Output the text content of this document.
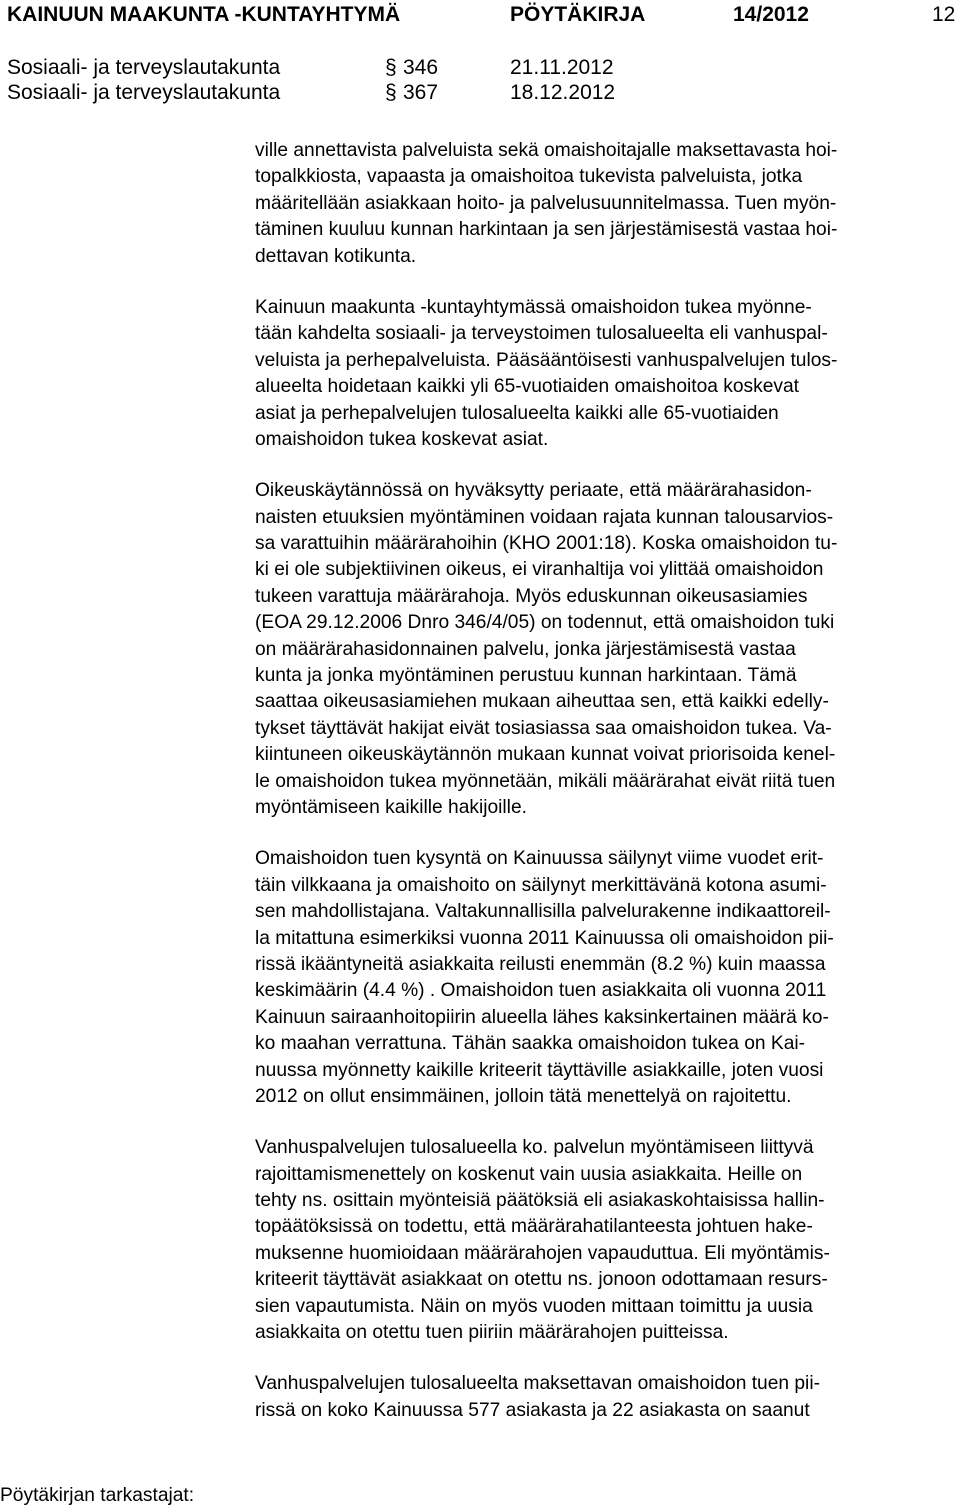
KAINUUN MAAKUNTA -KUNTAYHTYMÄ	PÖYTÄKIRJA	14/2012	12
Sosiaali- ja terveyslautakunta	§ 346	21.11.2012
Sosiaali- ja terveyslautakunta	§ 367	18.12.2012
ville annettavista palveluista sekä omaishoitajalle maksettavasta hoi-
topalkkiosta, vapaasta ja omaishoitoa tukevista palveluista, jotka
määritellään asiakkaan hoito- ja palvelusuunnitelmassa. Tuen myön-
täminen kuuluu kunnan harkintaan ja sen järjestämisestä vastaa hoi-
dettavan kotikunta.
Kainuun maakunta -kuntayhtymässä omaishoidon tukea myönne-
tään kahdelta sosiaali- ja terveystoimen tulosalueelta eli vanhuspal-
veluista ja perhepalveluista. Pääsääntöisesti vanhuspalvelujen tulos-
alueelta hoidetaan kaikki yli 65-vuotiaiden omaishoitoa koskevat
asiat ja perhepalvelujen tulosalueelta kaikki alle 65-vuotiaiden
omaishoidon tukea koskevat asiat.
Oikeuskäytännössä on hyväksytty periaate, että määrärahasidon-
naisten etuuksien myöntäminen voidaan rajata kunnan talousarvios-
sa varattuihin määrärahoihin (KHO 2001:18). Koska omaishoidon tu-
ki ei ole subjektiivinen oikeus, ei viranhaltija voi ylittää omaishoidon
tukeen varattuja määrärahoja. Myös eduskunnan oikeusasiamies
(EOA 29.12.2006 Dnro 346/4/05) on todennut, että omaishoidon tuki
on määrärahasidonnainen palvelu, jonka järjestämisestä vastaa
kunta ja jonka myöntäminen perustuu kunnan harkintaan. Tämä
saattaa oikeusasiamiehen mukaan aiheuttaa sen, että kaikki edelly-
tykset täyttävät hakijat eivät tosiasiassa saa omaishoidon tukea. Va-
kiintuneen oikeuskäytännön mukaan kunnat voivat priorisoida kenel-
le omaishoidon tukea myönnetään, mikäli määrärahat eivät riitä tuen
myöntämiseen kaikille hakijoille.
Omaishoidon tuen kysyntä on Kainuussa säilynyt viime vuodet erit-
täin vilkkaana ja omaishoito on säilynyt merkittävänä kotona asumi-
sen mahdollistajana. Valtakunnallisilla palvelurakenne indikaattoreil-
la mitattuna esimerkiksi vuonna 2011 Kainuussa oli omaishoidon pii-
rissä ikääntyneitä asiakkaita reilusti enemmän (8.2 %) kuin maassa
keskimäärin (4.4 %) . Omaishoidon tuen asiakkaita oli vuonna 2011
Kainuun sairaanhoitopiirin alueella lähes kaksinkertainen määrä ko-
ko maahan verrattuna. Tähän saakka omaishoidon tukea on Kai-
nuussa myönnetty kaikille kriteerit täyttäville asiakkaille, joten vuosi
2012 on ollut ensimmäinen, jolloin tätä menettelyä on rajoitettu.
Vanhuspalvelujen tulosalueella ko. palvelun myöntämiseen liittyvä
rajoittamismenettely on koskenut vain uusia asiakkaita. Heille on
tehty ns. osittain myönteisiä päätöksiä eli asiakaskohtaisissa hallin-
topäätöksissä on todettu, että määrärahatilanteesta johtuen hake-
muksenne huomioidaan määrärahojen vapauduttua. Eli myöntämis-
kriteerit täyttävät asiakkaat on otettu ns. jonoon odottamaan resurs-
sien vapautumista. Näin on myös vuoden mittaan toimittu ja uusia
asiakkaita on otettu tuen piiriin määrärahojen puitteissa.
Vanhuspalvelujen tulosalueelta maksettavan omaishoidon tuen pii-
rissä on koko Kainuussa 577 asiakasta ja 22 asiakasta on saanut
Pöytäkirjan tarkastajat:
